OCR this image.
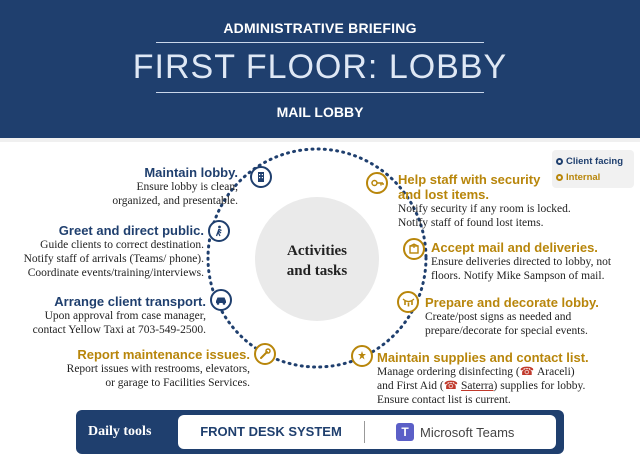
ADMINISTRATIVE BRIEFING
FIRST FLOOR: LOBBY
MAIL LOBBY
Client facing
Internal
Activities
and tasks
Maintain lobby.
Ensure lobby is clean,
organized, and presentable.
Greet and direct public.
Guide clients to correct destination.
Notify staff of arrivals (Teams/ phone).
Coordinate events/training/interviews.
Arrange client transport.
Upon approval from case manager,
contact Yellow Taxi at 703-549-2500.
Report maintenance issues.
Report issues with restrooms, elevators,
or garage to Facilities Services.
Help staff with security
and lost items.
Notify security if any room is locked.
Notify staff of found lost items.
Accept mail and deliveries.
Ensure deliveries directed to lobby, not
floors. Notify Mike Sampson of mail.
Prepare and decorate lobby.
Create/post signs as needed and
prepare/decorate for special events.
Maintain supplies and contact list.
Manage ordering disinfecting (☎ Araceli)
and First Aid (☎ Saterra) supplies for lobby.
Ensure contact list is current.
Daily tools	FRONT DESK SYSTEM	T Microsoft Teams
